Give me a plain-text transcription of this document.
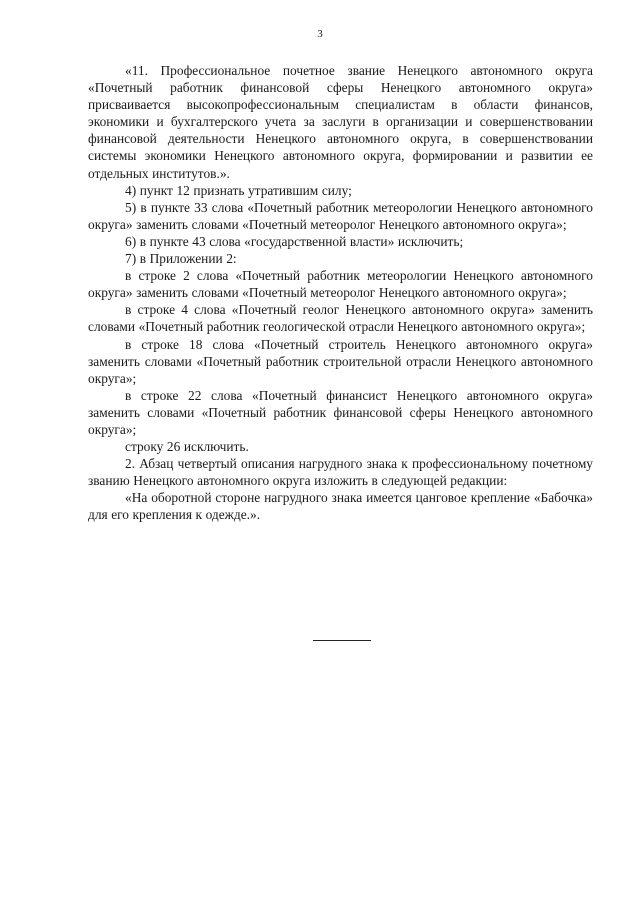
3

«11. Профессиональное почетное звание Ненецкого автономного округа «Почетный работник финансовой сферы Ненецкого автономного округа» присваивается высокопрофессиональным специалистам в области финансов, экономики и бухгалтерского учета за заслуги в организации и совершенствовании финансовой деятельности Ненецкого автономного округа, в совершенствовании системы экономики Ненецкого автономного округа, формировании и развитии ее отдельных институтов.».

4) пункт 12 признать утратившим силу;

5) в пункте 33 слова «Почетный работник метеорологии Ненецкого автономного округа» заменить словами «Почетный метеоролог Ненецкого автономного округа»;

6) в пункте 43 слова «государственной власти» исключить;

7) в Приложении 2:

в строке 2 слова «Почетный работник метеорологии Ненецкого автономного округа» заменить словами «Почетный метеоролог Ненецкого автономного округа»;

в строке 4 слова «Почетный геолог Ненецкого автономного округа» заменить словами «Почетный работник геологической отрасли Ненецкого автономного округа»;

в строке 18 слова «Почетный строитель Ненецкого автономного округа» заменить словами «Почетный работник строительной отрасли Ненецкого автономного округа»;

в строке 22 слова «Почетный финансист Ненецкого автономного округа» заменить словами «Почетный работник финансовой сферы Ненецкого автономного округа»;

строку 26 исключить.

2. Абзац четвертый описания нагрудного знака к профессиональному почетному званию Ненецкого автономного округа изложить в следующей редакции:

«На оборотной стороне нагрудного знака имеется цанговое крепление «Бабочка» для его крепления к одежде.».
